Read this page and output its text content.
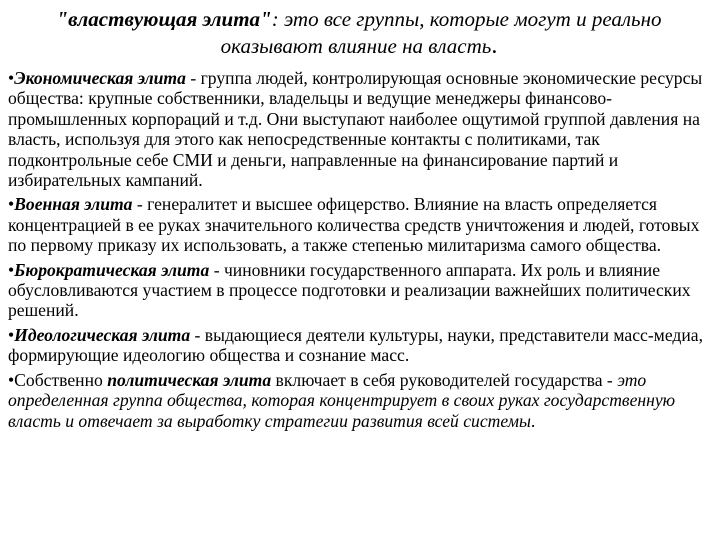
"властвующая элита": это все группы, которые могут и реально оказывают влияние на власть.
•Экономическая элита - группа людей, контролирующая основные экономические ресурсы общества: крупные собственники, владельцы и ведущие менеджеры финансово-промышленных корпораций и т.д. Они выступают наиболее ощутимой группой давления на власть, используя для этого как непосредственные контакты с политиками, так подконтрольные себе СМИ и деньги, направленные на финансирование партий и избирательных кампаний.
•Военная элита - генералитет и высшее офицерство. Влияние на власть определяется концентрацией в ее руках значительного количества средств уничтожения и людей, готовых по первому приказу их использовать, а также степенью милитаризма самого общества.
•Бюрократическая элита - чиновники государственного аппарата. Их роль и влияние обусловливаются участием в процессе подготовки и реализации важнейших политических решений.
•Идеологическая элита - выдающиеся деятели культуры, науки, представители масс-медиа, формирующие идеологию общества и сознание масс.
•Собственно политическая элита включает в себя руководителей государства - это определенная группа общества, которая концентрирует в своих руках государственную власть и отвечает за выработку стратегии развития всей системы.
